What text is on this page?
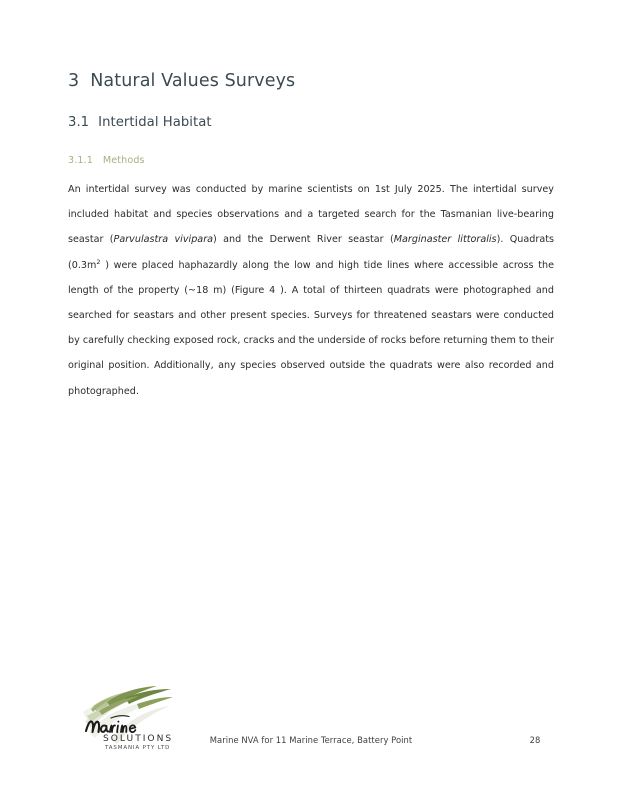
3 Natural Values Surveys
3.1 Intertidal Habitat
3.1.1 Methods

An intertidal survey was conducted by marine scientists on 1st July 2025. The intertidal survey included habitat and species observations and a targeted search for the Tasmanian live-bearing seastar (Parvulastra vivipara) and the Derwent River seastar (Marginaster littoralis). Quadrats ($0.3m^2$ ) were placed haphazardly along the low and high tide lines where accessible across the length of the property (~18 m) (Figure 4 ). A total of thirteen quadrats were photographed and searched for seastars and other present species. Surveys for threatened seastars were conducted by carefully checking exposed rock, cracks and the underside of rocks before returning them to their original position. Additionally, any species observed outside the quadrats were also recorded and photographed.

Marine NVA for 11 Marine Terrace, Battery Point	28
SOLUTIONS
TASMANIA PTY LTD
